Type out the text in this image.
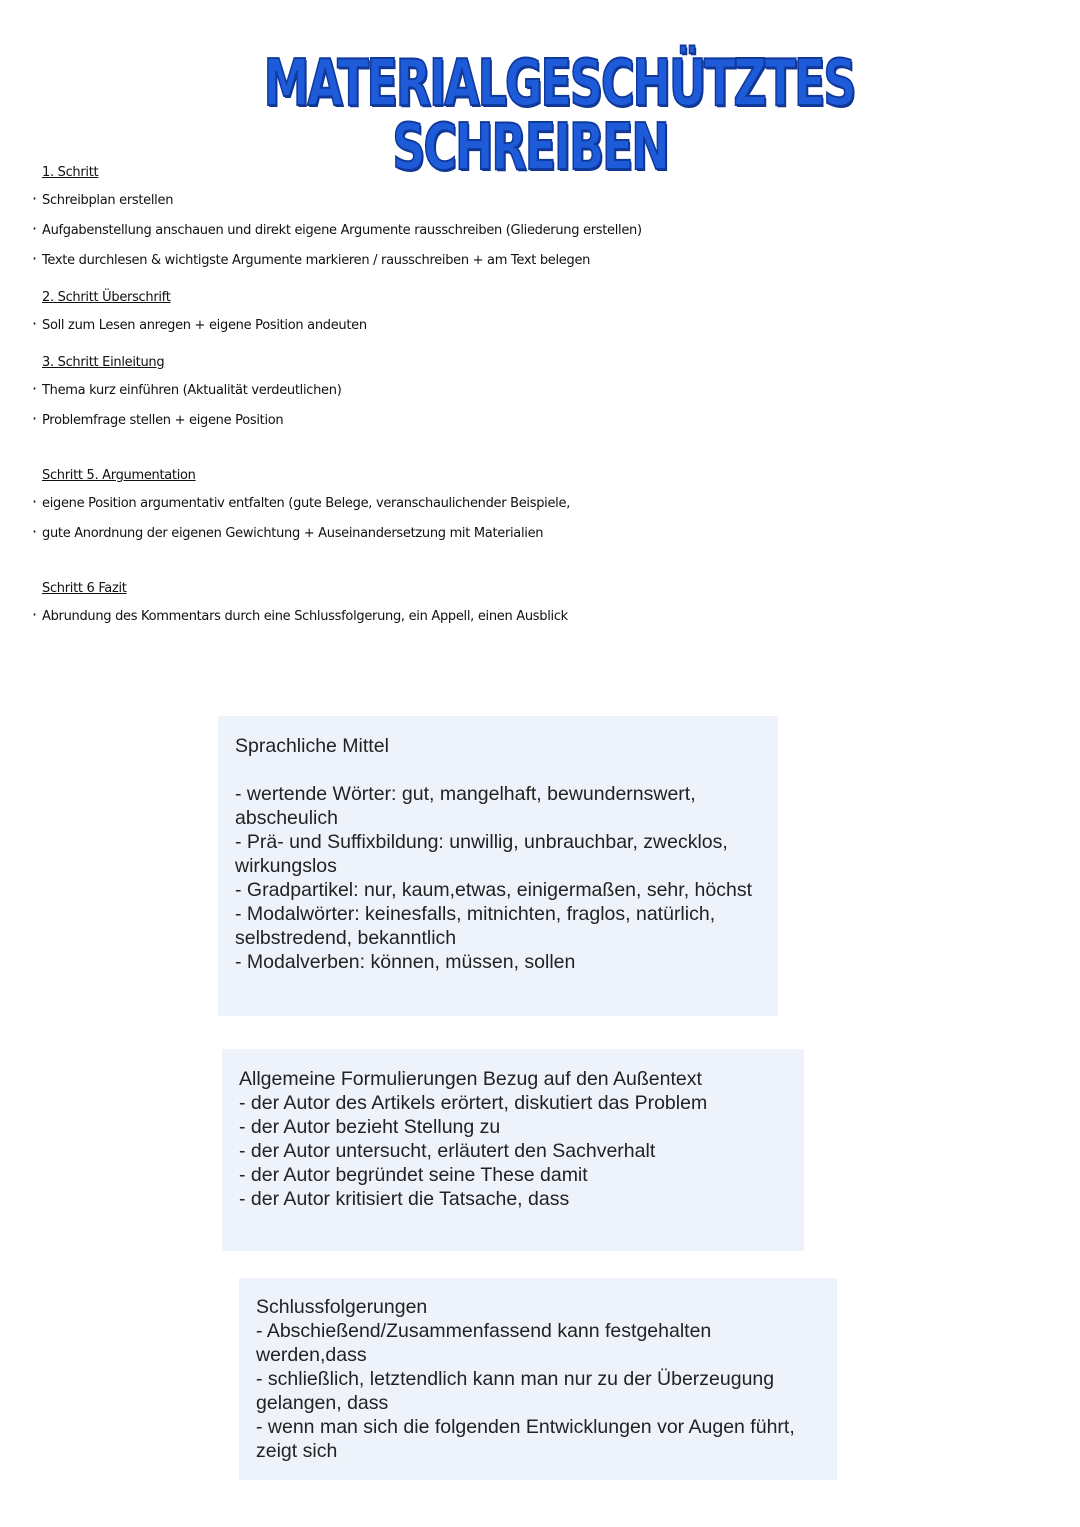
MATERIALGESCHÜTZTES SCHREIBEN
1. Schritt
· Schreibplan erstellen
· Aufgabenstellung anschauen und direkt eigene Argumente rausschreiben (Gliederung erstellen)
· Texte durchlesen & wichtigste Argumente markieren / rausschreiben + am Text belegen
2. Schritt Überschrift
· Soll zum Lesen anregen + eigene Position andeuten
3. Schritt Einleitung
· Thema kurz einführen (Aktualität verdeutlichen)
· Problemfrage stellen + eigene Position
Schritt 5. Argumentation
· eigene Position argumentativ entfalten (gute Belege, veranschaulichender Beispiele,
· gute Anordnung der eigenen Gewichtung + Auseinandersetzung mit Materialien
Schritt 6 Fazit
· Abrundung des Kommentars durch eine Schlussfolgerung, ein Appell, einen Ausblick
Sprachliche Mittel
- wertende Wörter: gut, mangelhaft, bewundernswert, abscheulich
- Prä- und Suffixbildung: unwillig, unbrauchbar, zwecklos, wirkungslos
- Gradpartikel: nur, kaum,etwas, einigermaßen, sehr, höchst
- Modalwörter: keinesfalls, mitnichten, fraglos, natürlich, selbstredend, bekanntlich
- Modalverben: können, müssen, sollen
Allgemeine Formulierungen Bezug auf den Außentext
- der Autor des Artikels erörtert, diskutiert das Problem
- der Autor bezieht Stellung zu
- der Autor untersucht, erläutert den Sachverhalt
- der Autor begründet seine These damit
- der Autor kritisiert die Tatsache, dass
Schlussfolgerungen
- Abschießend/Zusammenfassend kann festgehalten werden,dass
- schließlich, letztendlich kann man nur zu der Überzeugung gelangen, dass
- wenn man sich die folgenden Entwicklungen vor Augen führt, zeigt sich
